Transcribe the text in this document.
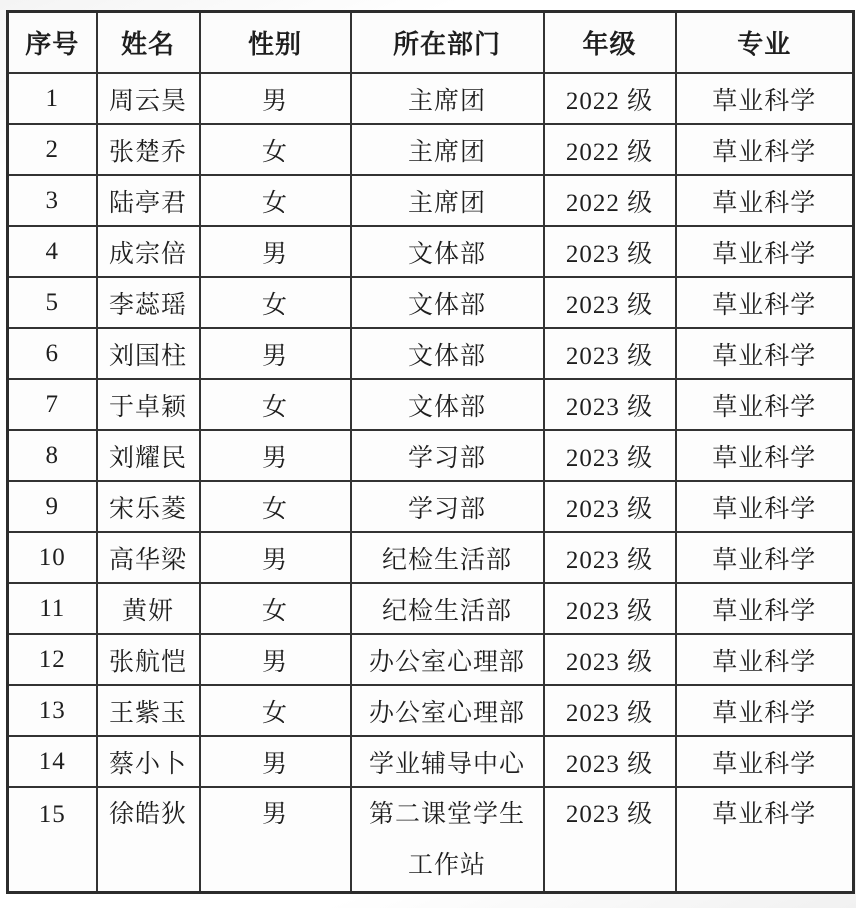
序号	姓名	性别	所在部门	年级	专业
1	周云昊	男	主席团	2022 级	草业科学
2	张楚乔	女	主席团	2022 级	草业科学
3	陆亭君	女	主席团	2022 级	草业科学
4	成宗倍	男	文体部	2023 级	草业科学
5	李蕊瑶	女	文体部	2023 级	草业科学
6	刘国柱	男	文体部	2023 级	草业科学
7	于卓颖	女	文体部	2023 级	草业科学
8	刘耀民	男	学习部	2023 级	草业科学
9	宋乐菱	女	学习部	2023 级	草业科学
10	高华梁	男	纪检生活部	2023 级	草业科学
11	黄妍	女	纪检生活部	2023 级	草业科学
12	张航恺	男	办公室心理部	2023 级	草业科学
13	王紫玉	女	办公室心理部	2023 级	草业科学
14	蔡小卜	男	学业辅导中心	2023 级	草业科学
15	徐皓狄	男	第二课堂学生工作站	2023 级	草业科学
